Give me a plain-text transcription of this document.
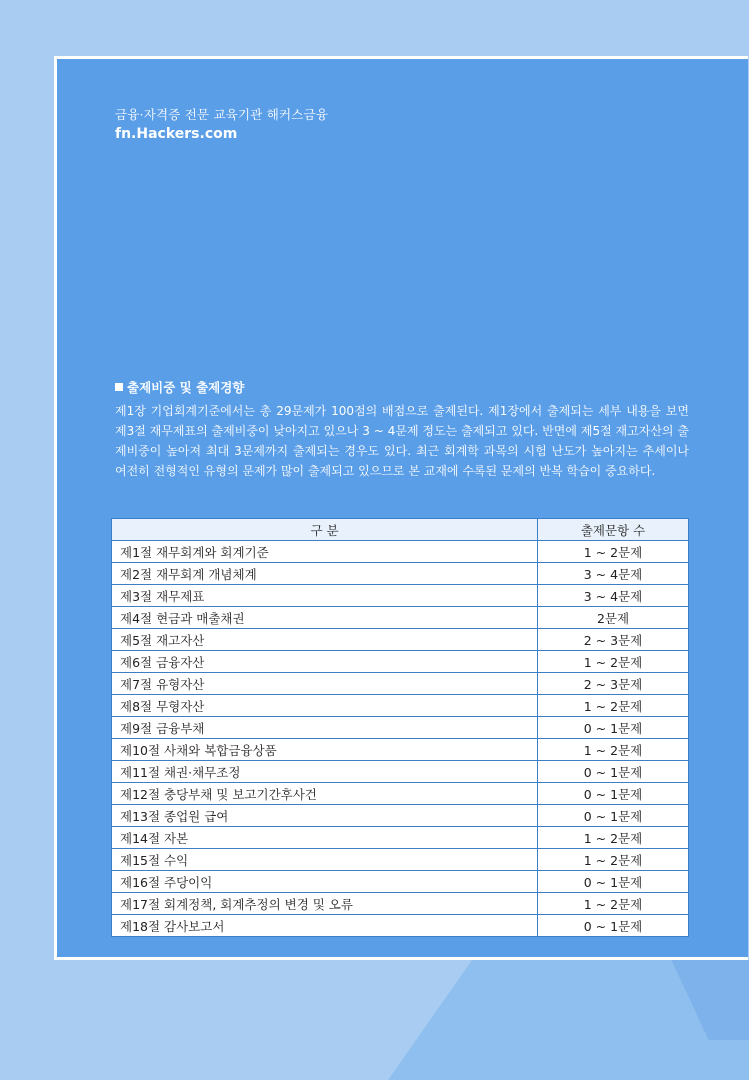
금융·자격증 전문 교육기관 해커스금융
fn.Hackers.com
출제비중 및 출제경향
제1장 기업회계기준에서는 총 29문제가 100점의 배점으로 출제된다. 제1장에서 출제되는 세부 내용을 보면 제3절 재무제표의 출제비중이 낮아지고 있으나 3 ~ 4문제 정도는 출제되고 있다. 반면에 제5절 재고자산의 출제비중이 높아져 최대 3문제까지 출제되는 경우도 있다. 최근 회계학 과목의 시험 난도가 높아지는 추세이나 여전히 전형적인 유형의 문제가 많이 출제되고 있으므로 본 교재에 수록된 문제의 반복 학습이 중요하다.
구 분	출제문항 수
제1절 재무회계와 회계기준	1 ~ 2문제
제2절 재무회계 개념체계	3 ~ 4문제
제3절 재무제표	3 ~ 4문제
제4절 현금과 매출채권	2문제
제5절 재고자산	2 ~ 3문제
제6절 금융자산	1 ~ 2문제
제7절 유형자산	2 ~ 3문제
제8절 무형자산	1 ~ 2문제
제9절 금융부채	0 ~ 1문제
제10절 사채와 복합금융상품	1 ~ 2문제
제11절 채권·채무조정	0 ~ 1문제
제12절 충당부채 및 보고기간후사건	0 ~ 1문제
제13절 종업원 급여	0 ~ 1문제
제14절 자본	1 ~ 2문제
제15절 수익	1 ~ 2문제
제16절 주당이익	0 ~ 1문제
제17절 회계정책, 회계추정의 변경 및 오류	1 ~ 2문제
제18절 감사보고서	0 ~ 1문제
